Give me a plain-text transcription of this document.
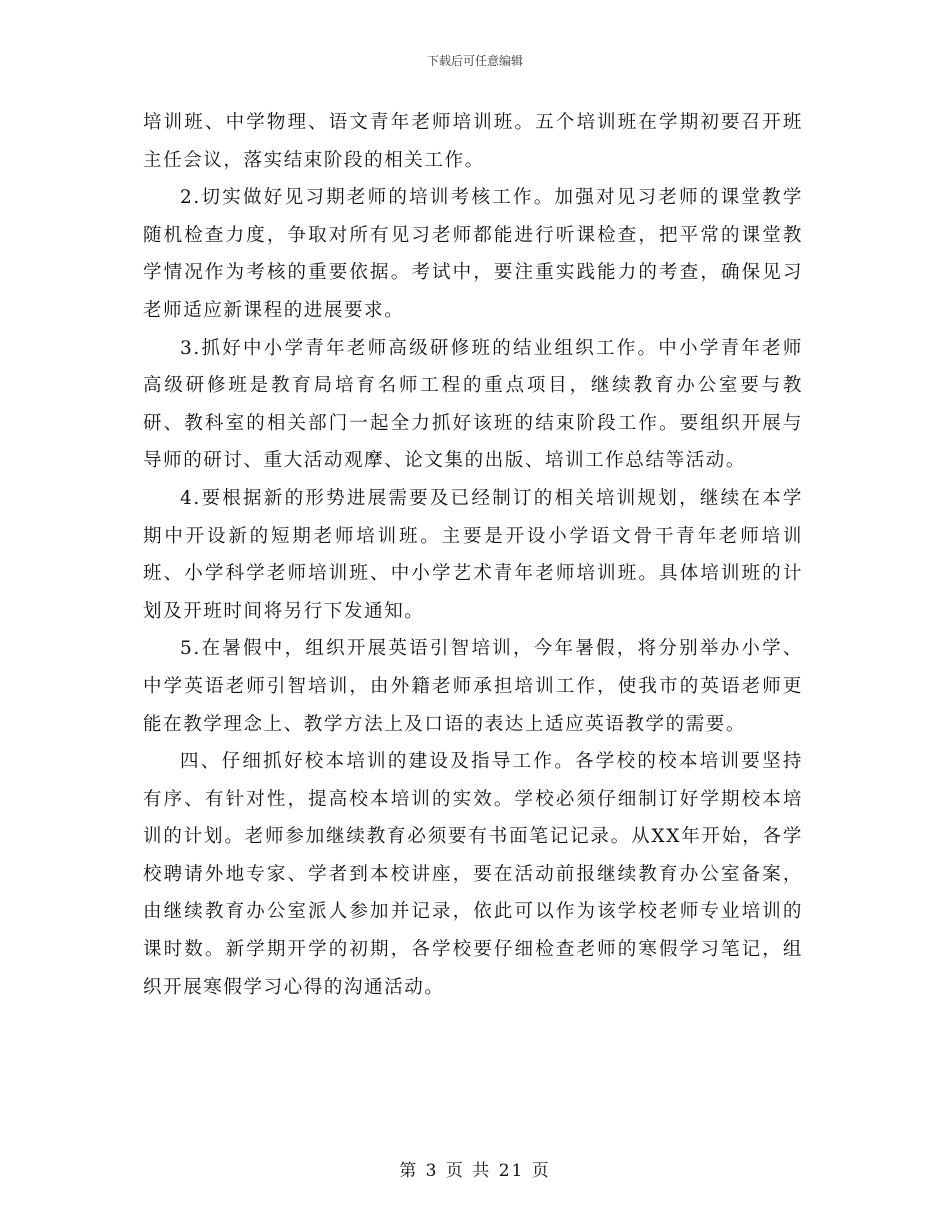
下载后可任意编辑

培训班、中学物理、语文青年老师培训班。五个培训班在学期初要召开班主任会议，落实结束阶段的相关工作。

2.切实做好见习期老师的培训考核工作。加强对见习老师的课堂教学随机检查力度，争取对所有见习老师都能进行听课检查，把平常的课堂教学情况作为考核的重要依据。考试中，要注重实践能力的考查，确保见习老师适应新课程的进展要求。

3.抓好中小学青年老师高级研修班的结业组织工作。中小学青年老师高级研修班是教育局培育名师工程的重点项目，继续教育办公室要与教研、教科室的相关部门一起全力抓好该班的结束阶段工作。要组织开展与导师的研讨、重大活动观摩、论文集的出版、培训工作总结等活动。

4.要根据新的形势进展需要及已经制订的相关培训规划，继续在本学期中开设新的短期老师培训班。主要是开设小学语文骨干青年老师培训班、小学科学老师培训班、中小学艺术青年老师培训班。具体培训班的计划及开班时间将另行下发通知。

5.在暑假中，组织开展英语引智培训，今年暑假，将分别举办小学、中学英语老师引智培训，由外籍老师承担培训工作，使我市的英语老师更能在教学理念上、教学方法上及口语的表达上适应英语教学的需要。

四、仔细抓好校本培训的建设及指导工作。各学校的校本培训要坚持有序、有针对性，提高校本培训的实效。学校必须仔细制订好学期校本培训的计划。老师参加继续教育必须要有书面笔记记录。从XX年开始，各学校聘请外地专家、学者到本校讲座，要在活动前报继续教育办公室备案，由继续教育办公室派人参加并记录，依此可以作为该学校老师专业培训的课时数。新学期开学的初期，各学校要仔细检查老师的寒假学习笔记，组织开展寒假学习心得的沟通活动。

第 3 页 共 21 页
